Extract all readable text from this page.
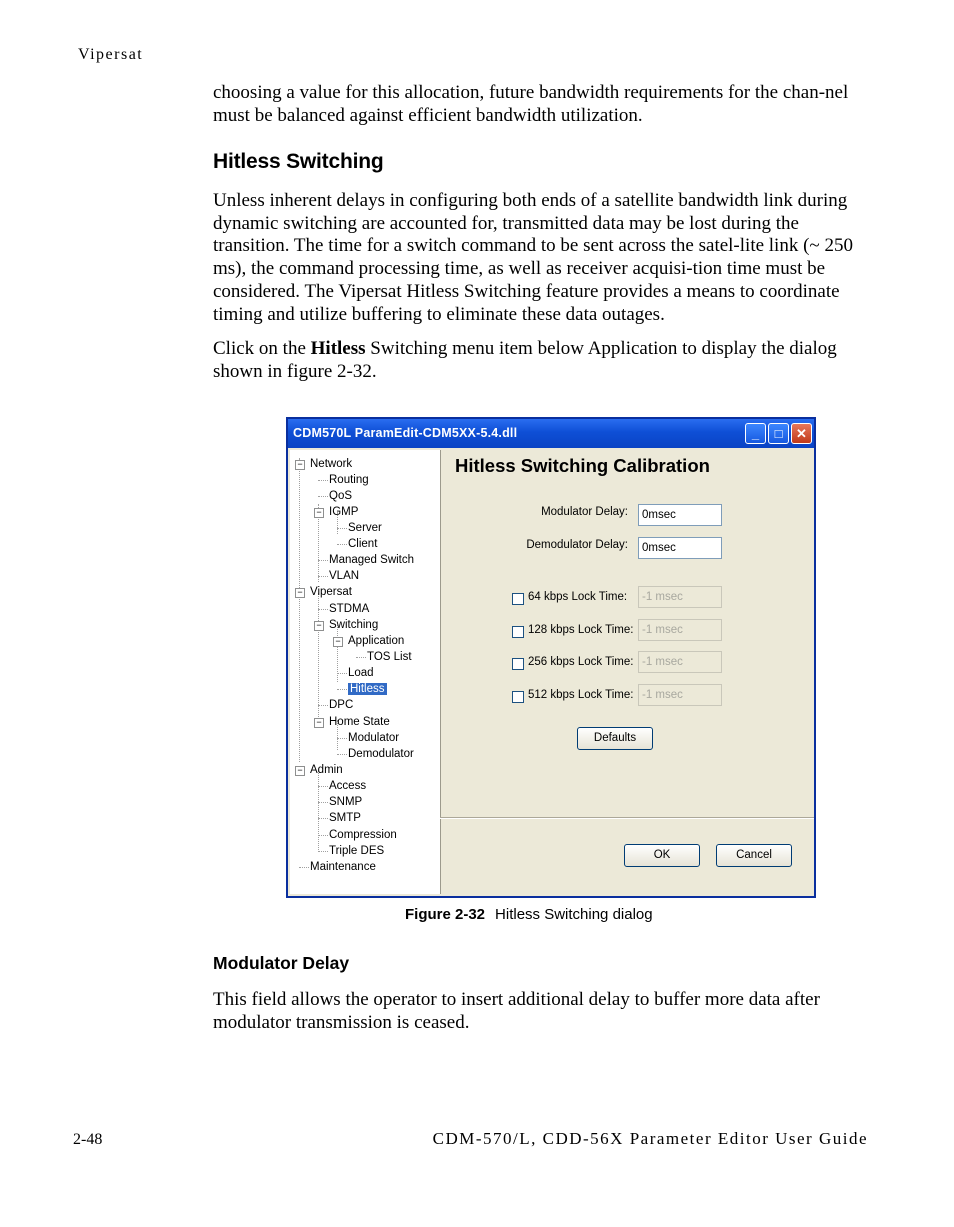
Vipersat
choosing a value for this allocation, future bandwidth requirements for the chan-nel must be balanced against efficient bandwidth utilization.
Hitless Switching
Unless inherent delays in configuring both ends of a satellite bandwidth link during dynamic switching are accounted for, transmitted data may be lost during the transition. The time for a switch command to be sent across the satel-lite link (~ 250 ms), the command processing time, as well as receiver acquisi-tion time must be considered. The Vipersat Hitless Switching feature provides a means to coordinate timing and utilize buffering to eliminate these data outages.
Click on the Hitless Switching menu item below Application to display the dialog shown in figure 2-32.
CDM570L ParamEdit-CDM5XX-5.4.dll	_	□	✕
− Network
Routing
QoS
− IGMP
Server
Client
Managed Switch
VLAN
− Vipersat
STDMA
− Switching
− Application
TOS List
Load
Hitless
DPC
− Home State
Modulator
Demodulator
− Admin
Access
SNMP
SMTP
Compression
Triple DES
Maintenance
Hitless Switching Calibration
Modulator Delay:	0msec
Demodulator Delay:	0msec
64 kbps Lock Time:	-1 msec
128 kbps Lock Time: -1 msec
256 kbps Lock Time: -1 msec
512 kbps Lock Time: -1 msec
Defaults
OK	Cancel
Figure 2-32 Hitless Switching dialog
Modulator Delay
This field allows the operator to insert additional delay to buffer more data after modulator transmission is ceased.
2-48	CDM-570/L, CDD-56X Parameter Editor User Guide
